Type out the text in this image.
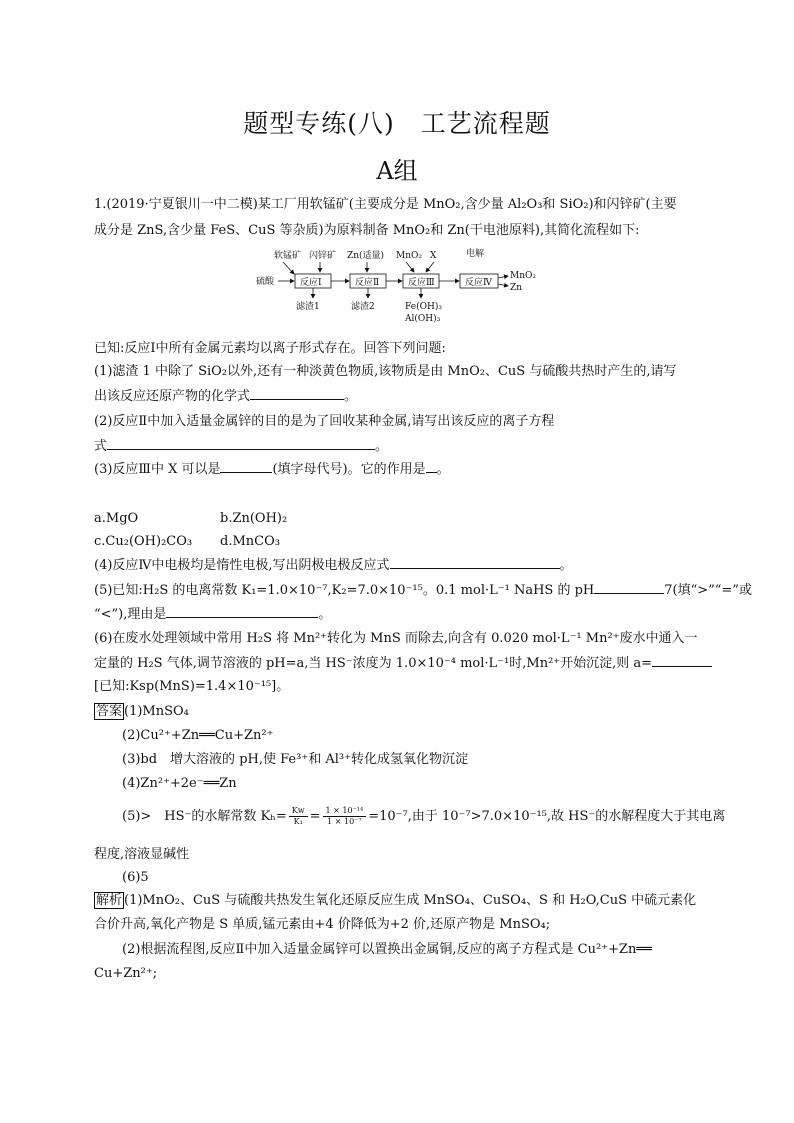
题型专练(八)　工艺流程题
A组
1.(2019·宁夏银川一中二模)某工厂用软锰矿(主要成分是 MnO₂,含少量 Al₂O₃和 SiO₂)和闪锌矿(主要
成分是 ZnS,含少量 FeS、CuS 等杂质)为原料制备 MnO₂和 Zn(干电池原料),其简化流程如下:
软锰矿 闪锌矿 Zn(适量) MnO₂ X	电解
硫酸	反应Ⅰ	反应Ⅱ	反应Ⅲ	反应Ⅳ
MnO₂
Zn
滤渣1	滤渣2	Fe(OH)₃
Al(OH)₃
已知:反应Ⅰ中所有金属元素均以离子形式存在。回答下列问题:
(1)滤渣 1 中除了 SiO₂以外,还有一种淡黄色物质,该物质是由 MnO₂、CuS 与硫酸共热时产生的,请写
出该反应还原产物的化学式	。
(2)反应Ⅱ中加入适量金属锌的目的是为了回收某种金属,请写出该反应的离子方程
式	。
(3)反应Ⅲ中 X 可以是	(填字母代号)。它的作用是 。
a.MgO	b.Zn(OH)₂
c.Cu₂(OH)₂CO₃ d.MnCO₃
(4)反应Ⅳ中电极均是惰性电极,写出阴极电极反应式	。
(5)已知:H₂S 的电离常数 K₁=1.0×10⁻⁷,K₂=7.0×10⁻¹⁵。0.1 mol·L⁻¹ NaHS 的 pH	7(填“>”“=”或
“<”),理由是	。
(6)在废水处理领域中常用 H₂S 将 Mn²⁺转化为 MnS 而除去,向含有 0.020 mol·L⁻¹ Mn²⁺废水中通入一
定量的 H₂S 气体,调节溶液的 pH=a,当 HS⁻浓度为 1.0×10⁻⁴ mol·L⁻¹时,Mn²⁺开始沉淀,则 a=
[已知:Ksp(MnS)=1.4×10⁻¹⁵]。
答案 (1)MnSO₄
(2)Cu²⁺+Zn══Cu+Zn²⁺
(3)bd　增大溶液的 pH,使 Fe³⁺和 Al³⁺转化成氢氧化物沉淀
(4)Zn²⁺+2e⁻══Zn
(5)>　HS⁻的水解常数 $K_h= \frac{Kw}{\text{K₁}} = \frac{\text{1 × 10⁻¹⁴}}{\text{1 × 10⁻⁷}} =10^{-7}$,由于 10⁻⁷>7.0×10⁻¹⁵,故 HS⁻的水解程度大于其电离
程度,溶液显碱性
(6)5
解析 (1)MnO₂、CuS 与硫酸共热发生氧化还原反应生成 MnSO₄、CuSO₄、S 和 H₂O,CuS 中硫元素化
合价升高,氧化产物是 S 单质,锰元素由+4 价降低为+2 价,还原产物是 MnSO₄;
(2)根据流程图,反应Ⅱ中加入适量金属锌可以置换出金属铜,反应的离子方程式是 Cu²⁺+Zn══
Cu+Zn²⁺;
